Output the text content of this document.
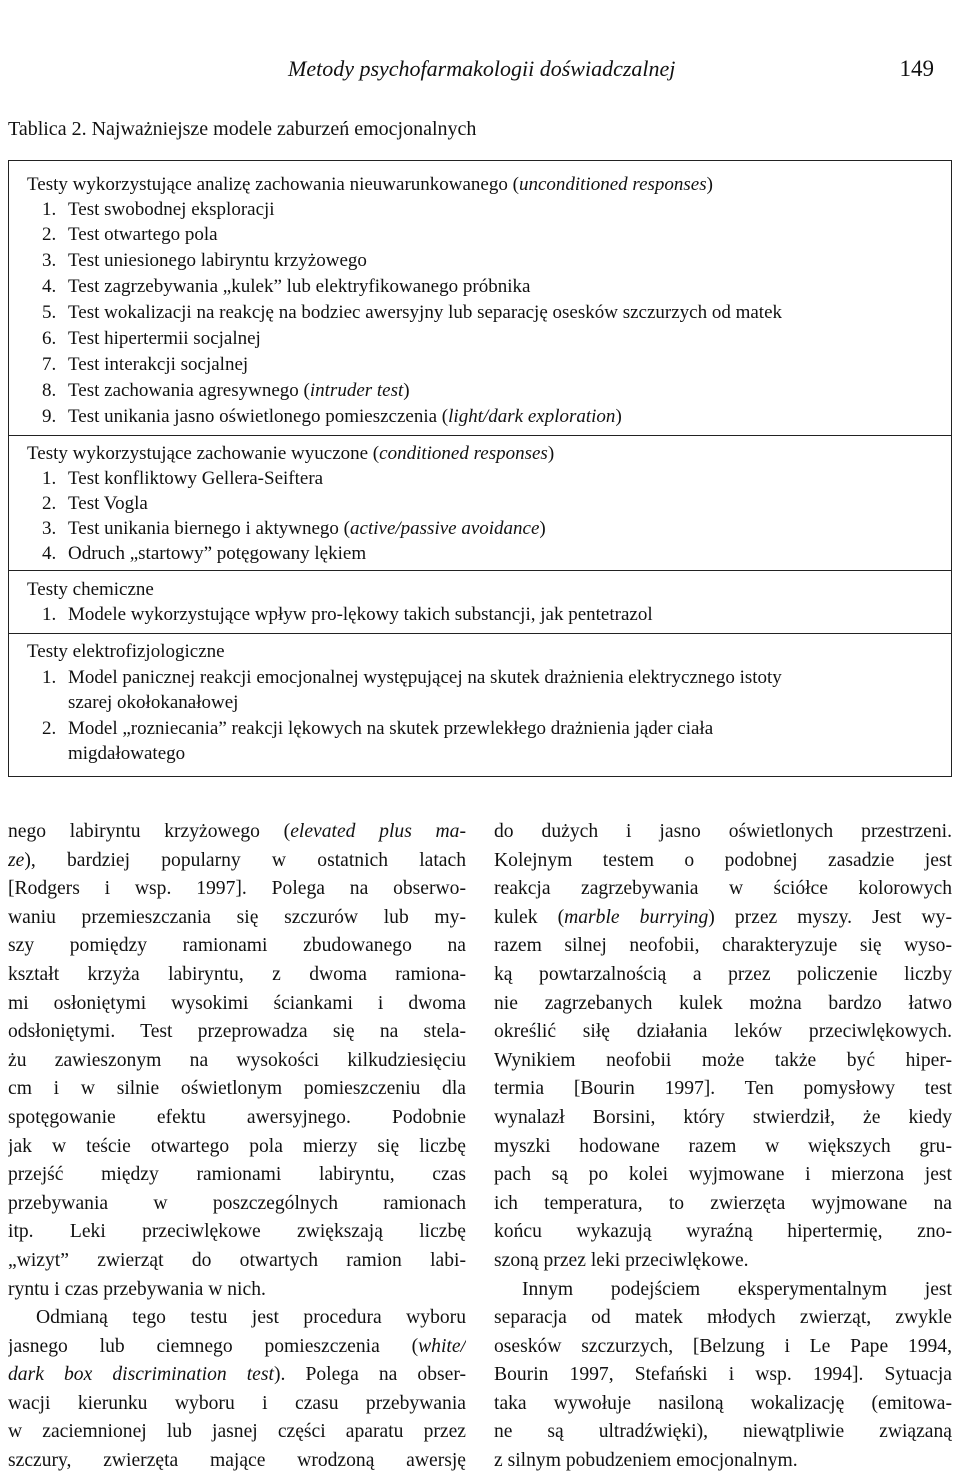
Metody psychofarmakologii doświadczalnej	149
Tablica 2. Najważniejsze modele zaburzeń emocjonalnych
Testy wykorzystujące analizę zachowania nieuwarunkowanego (unconditioned responses)
1. Test swobodnej eksploracji
2. Test otwartego pola
3. Test uniesionego labiryntu krzyżowego
4. Test zagrzebywania „kulek” lub elektryfikowanego próbnika
5. Test wokalizacji na reakcję na bodziec awersyjny lub separację osesków szczurzych od matek
6. Test hipertermii socjalnej
7. Test interakcji socjalnej
8. Test zachowania agresywnego (intruder test)
9. Test unikania jasno oświetlonego pomieszczenia (light/dark exploration)
Testy wykorzystujące zachowanie wyuczone (conditioned responses)
1. Test konfliktowy Gellera-Seiftera
2. Test Vogla
3. Test unikania biernego i aktywnego (active/passive avoidance)
4. Odruch „startowy” potęgowany lękiem
Testy chemiczne
1. Modele wykorzystujące wpływ pro-lękowy takich substancji, jak pentetrazol
Testy elektrofizjologiczne
1. Model panicznej reakcji emocjonalnej występującej na skutek drażnienia elektrycznego istoty
szarej okołokanałowej
2. Model „rozniecania” reakcji lękowych na skutek przewlekłego drażnienia jąder ciała
migdałowatego
nego labiryntu krzyżowego (elevated plus ma-
ze), bardziej popularny w ostatnich latach
[Rodgers i wsp. 1997]. Polega na obserwo-
waniu przemieszczania się szczurów lub my-
szy pomiędzy ramionami zbudowanego na
kształt krzyża labiryntu, z dwoma ramiona-
mi osłoniętymi wysokimi ściankami i dwoma
odsłoniętymi. Test przeprowadza się na stela-
żu zawieszonym na wysokości kilkudziesięciu
cm i w silnie oświetlonym pomieszczeniu dla
spotęgowanie efektu awersyjnego. Podobnie
jak w teście otwartego pola mierzy się liczbę
przejść między ramionami labiryntu, czas
przebywania w poszczególnych ramionach
itp. Leki przeciwlękowe zwiększają liczbę
„wizyt” zwierząt do otwartych ramion labi-
ryntu i czas przebywania w nich.
Odmianą tego testu jest procedura wyboru
jasnego lub ciemnego pomieszczenia (white/
dark box discrimination test). Polega na obser-
wacji kierunku wyboru i czasu przebywania
w zaciemnionej lub jasnej części aparatu przez
szczury, zwierzęta mające wrodzoną awersję
do dużych i jasno oświetlonych przestrzeni.
Kolejnym testem o podobnej zasadzie jest
reakcja zagrzebywania w ściółce kolorowych
kulek (marble burrying) przez myszy. Jest wy-
razem silnej neofobii, charakteryzuje się wyso-
ką powtarzalnością a przez policzenie liczby
nie zagrzebanych kulek można bardzo łatwo
określić siłę działania leków przeciwlękowych.
Wynikiem neofobii może także być hiper-
termia [Bourin 1997]. Ten pomysłowy test
wynalazł Borsini, który stwierdził, że kiedy
myszki hodowane razem w większych gru-
pach są po kolei wyjmowane i mierzona jest
ich temperatura, to zwierzęta wyjmowane na
końcu wykazują wyraźną hipertermię, zno-
szoną przez leki przeciwlękowe.
Innym podejściem eksperymentalnym jest
separacja od matek młodych zwierząt, zwykle
osesków szczurzych, [Belzung i Le Pape 1994,
Bourin 1997, Stefański i wsp. 1994]. Sytuacja
taka wywołuje nasiloną wokalizację (emitowa-
ne są ultradźwięki), niewątpliwie związaną
z silnym pobudzeniem emocjonalnym.
